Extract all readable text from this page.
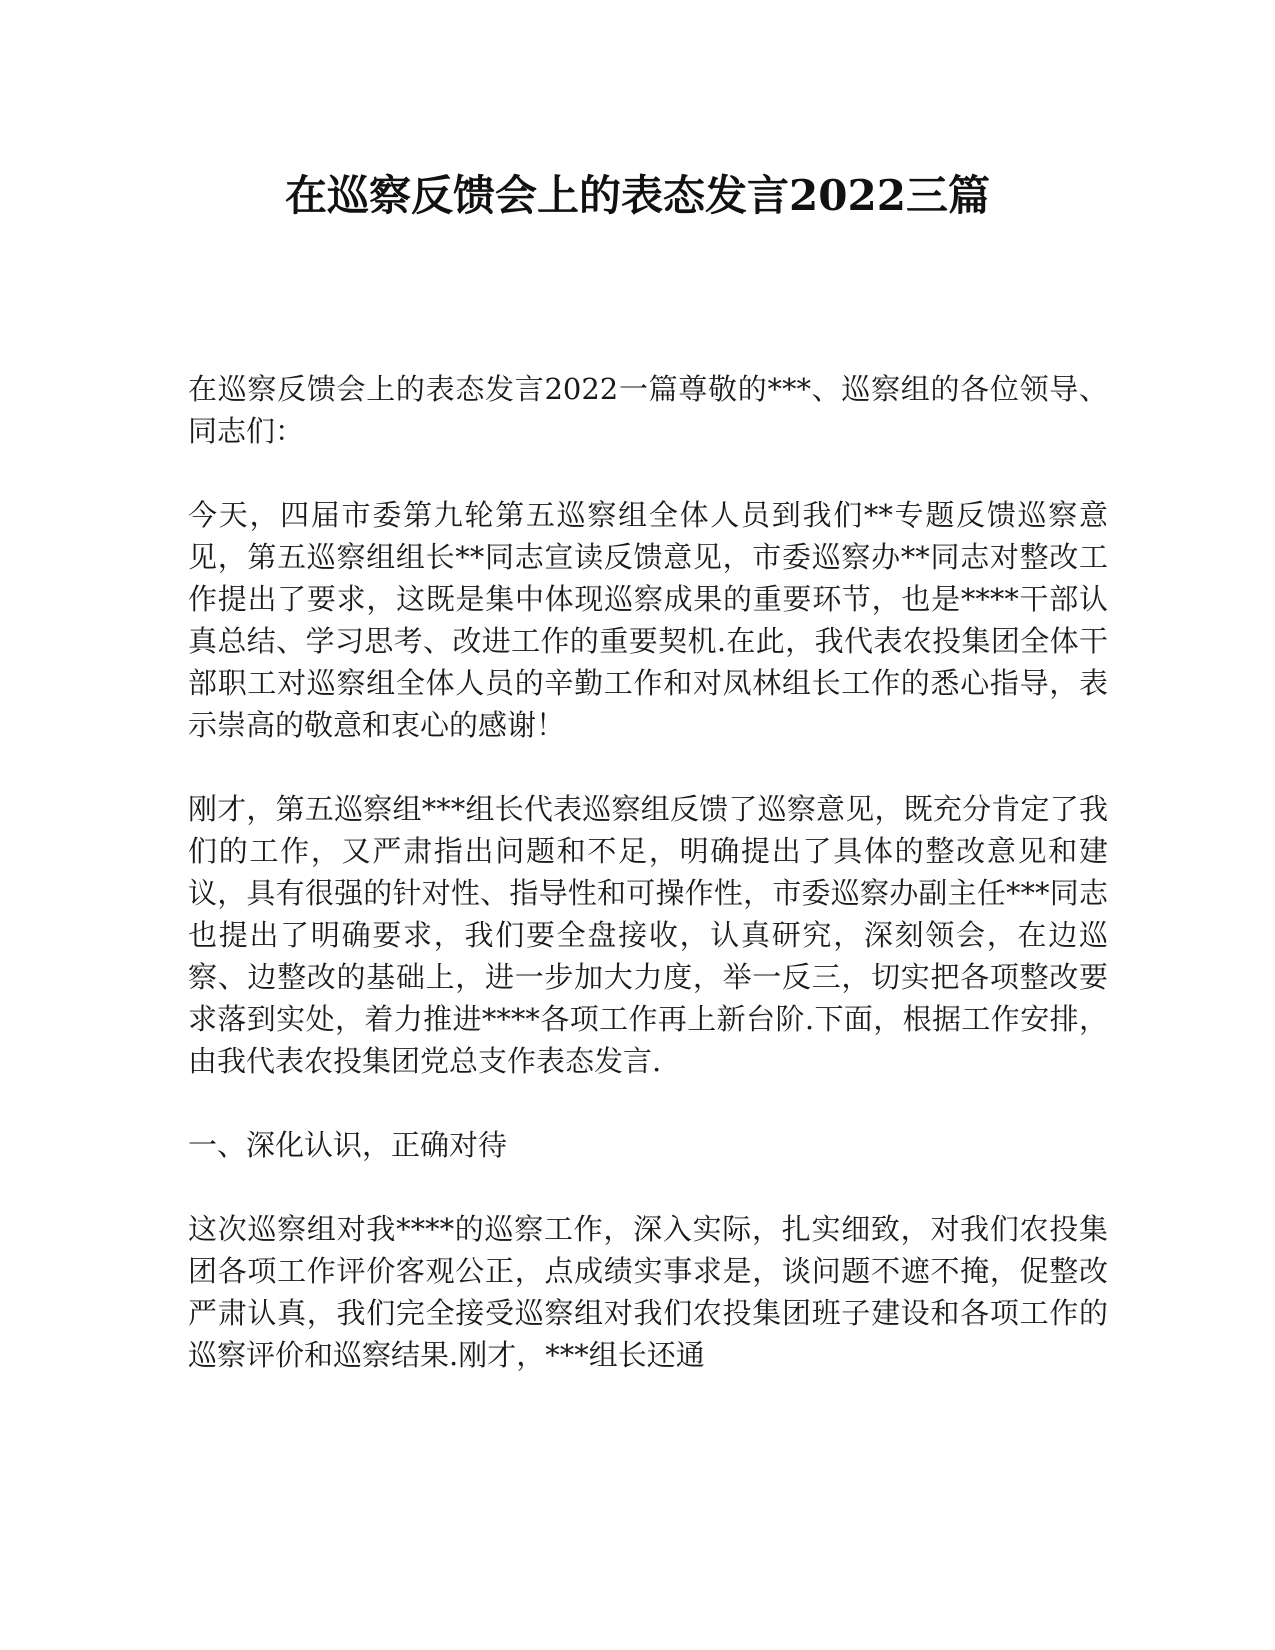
在巡察反馈会上的表态发言2022三篇

在巡察反馈会上的表态发言2022一篇尊敬的***、巡察组的各位领导、同志们：

今天，四届市委第九轮第五巡察组全体人员到我们**专题反馈巡察意见，第五巡察组组长**同志宣读反馈意见，市委巡察办**同志对整改工作提出了要求，这既是集中体现巡察成果的重要环节，也是****干部认真总结、学习思考、改进工作的重要契机.在此，我代表农投集团全体干部职工对巡察组全体人员的辛勤工作和对凤林组长工作的悉心指导，表示崇高的敬意和衷心的感谢！

刚才，第五巡察组***组长代表巡察组反馈了巡察意见，既充分肯定了我们的工作，又严肃指出问题和不足，明确提出了具体的整改意见和建议，具有很强的针对性、指导性和可操作性，市委巡察办副主任***同志也提出了明确要求，我们要全盘接收，认真研究，深刻领会，在边巡察、边整改的基础上，进一步加大力度，举一反三，切实把各项整改要求落到实处，着力推进****各项工作再上新台阶.下面，根据工作安排，由我代表农投集团党总支作表态发言.

一、深化认识，正确对待

这次巡察组对我****的巡察工作，深入实际，扎实细致，对我们农投集团各项工作评价客观公正，点成绩实事求是，谈问题不遮不掩，促整改严肃认真，我们完全接受巡察组对我们农投集团班子建设和各项工作的巡察评价和巡察结果.刚才，***组长还通
